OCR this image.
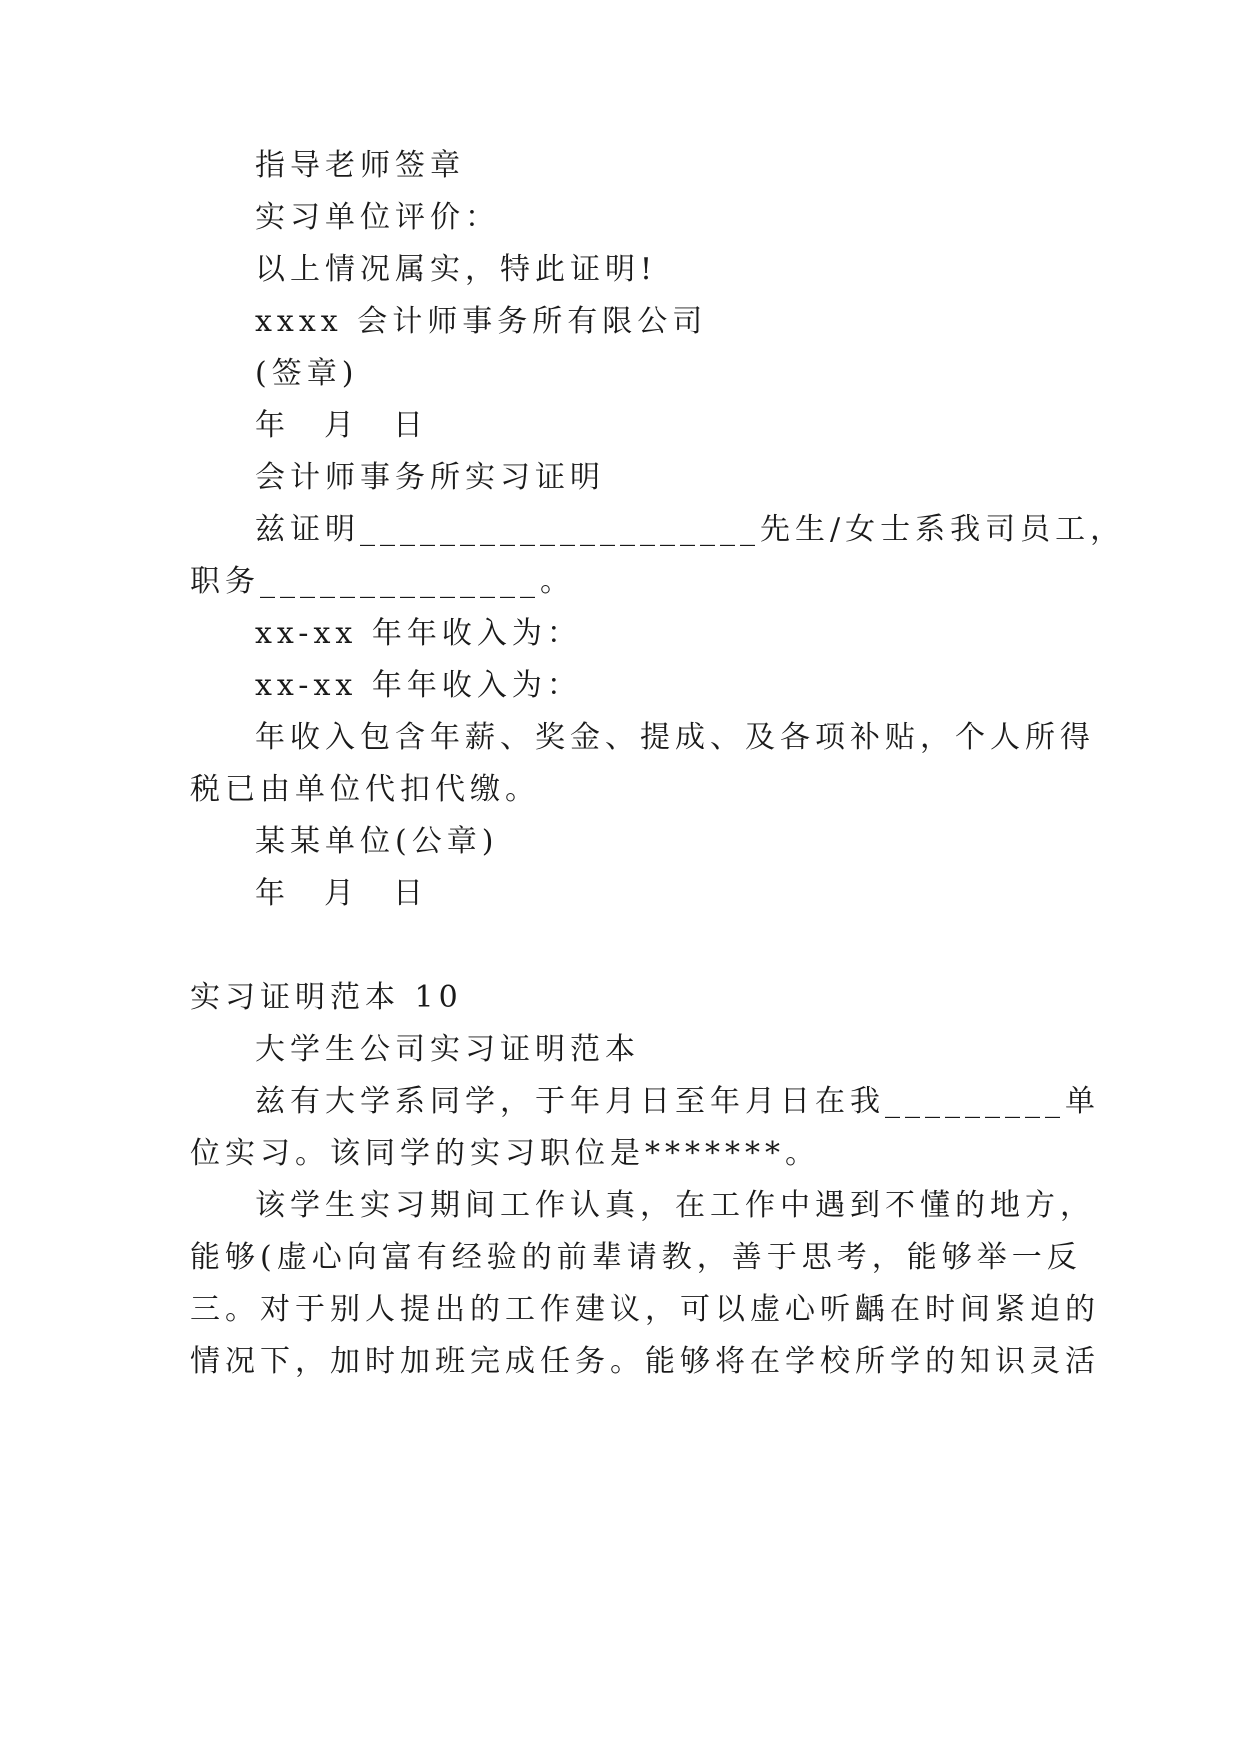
指导老师签章
实习单位评价：
以上情况属实，特此证明!
xxxx 会计师事务所有限公司
(签章)
年 月 日
会计师事务所实习证明
兹证明____________________先生/女士系我司员工，
职务______________。
xx-xx 年年收入为：
xx-xx 年年收入为：
年收入包含年薪、奖金、提成、及各项补贴，个人所得
税已由单位代扣代缴。
某某单位(公章)
年 月 日
实习证明范本 10
大学生公司实习证明范本
兹有大学系同学，于年月日至年月日在我_________单
位实习。该同学的实习职位是*******。
该学生实习期间工作认真，在工作中遇到不懂的地方，
能够(虚心向富有经验的前辈请教，善于思考，能够举一反
三。对于别人提出的工作建议，可以虚心听齲在时间紧迫的
情况下，加时加班完成任务。能够将在学校所学的知识灵活
